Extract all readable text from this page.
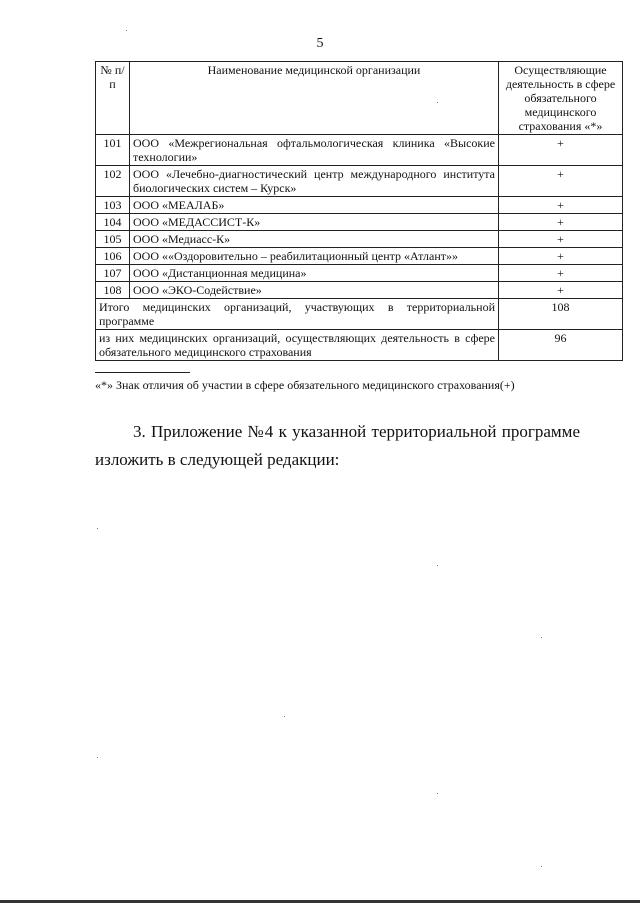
5
№ п/п	Наименование медицинской организации	Осуществляющие деятельность в сфере обязательного медицинского страхования «*»
101	ООО «Межрегиональная офтальмологическая клиника «Высокие технологии»	+
102	ООО «Лечебно-диагностический центр международного института биологических систем – Курск»	+
103	ООО «МЕАЛАБ»	+
104	ООО «МЕДАССИСТ-К»	+
105	ООО «Медиасс-К»	+
106	ООО ««Оздоровительно – реабилитационный центр «Атлант»»	+
107	ООО «Дистанционная медицина»	+
108	ООО «ЭКО-Содействие»	+
Итого медицинских организаций, участвующих в территориальной программе		108
из них медицинских организаций, осуществляющих деятельность в сфере обязательного медицинского страхования		96
«*» Знак отличия об участии в сфере обязательного медицинского страхования(+)
3. Приложение №4 к указанной территориальной программе
изложить в следующей редакции:
